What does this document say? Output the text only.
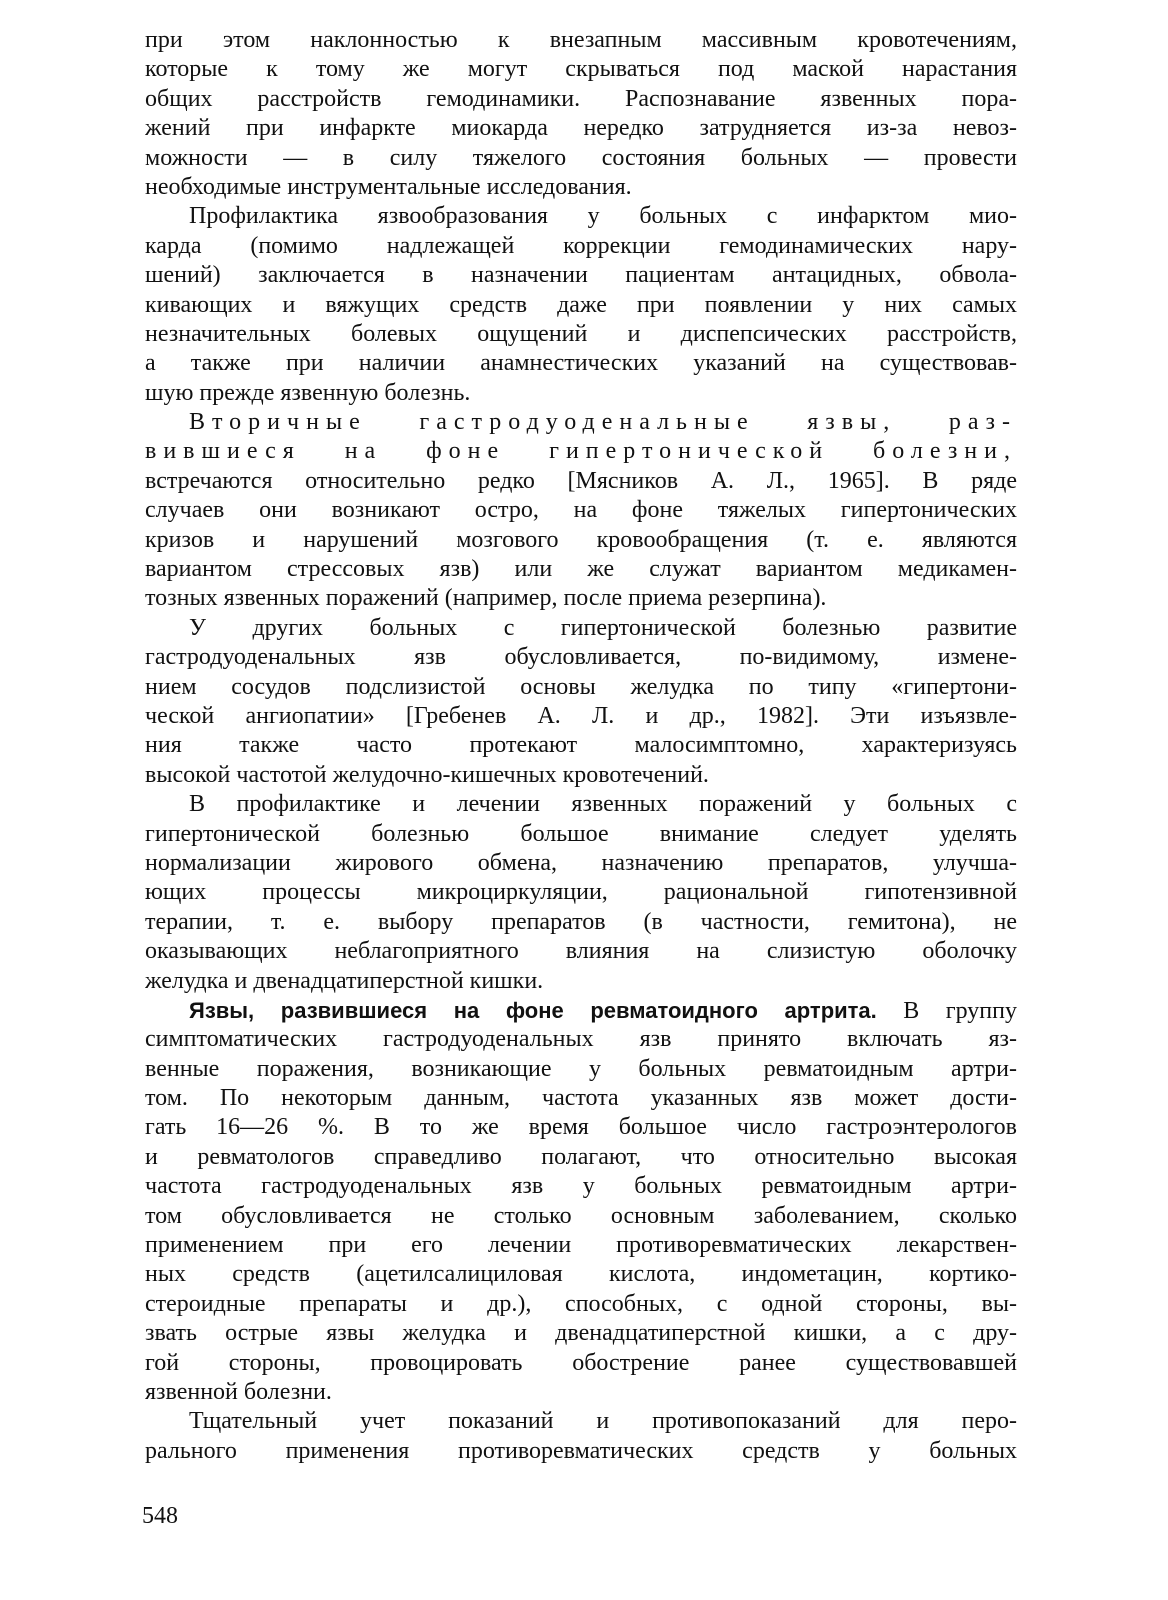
при этом наклонностью к внезапным массивным кровотечениям,
которые к тому же могут скрываться под маской нарастания
общих расстройств гемодинамики. Распознавание язвенных пора-
жений при инфаркте миокарда нередко затрудняется из-за невоз-
можности — в силу тяжелого состояния больных — провести
необходимые инструментальные исследования.
Профилактика язвообразования у больных с инфарктом мио-
карда (помимо надлежащей коррекции гемодинамических нару-
шений) заключается в назначении пациентам антацидных, обвола-
кивающих и вяжущих средств даже при появлении у них самых
незначительных болевых ощущений и диспепсических расстройств,
а также при наличии анамнестических указаний на существовав-
шую прежде язвенную болезнь.
Вторичные гастродуоденальные язвы, раз-
вившиеся на фоне гипертонической болезни,
встречаются относительно редко [Мясников А. Л., 1965]. В ряде
случаев они возникают остро, на фоне тяжелых гипертонических
кризов и нарушений мозгового кровообращения (т. е. являются
вариантом стрессовых язв) или же служат вариантом медикамен-
тозных язвенных поражений (например, после приема резерпина).
У других больных с гипертонической болезнью развитие
гастродуоденальных язв обусловливается, по-видимому, измене-
нием сосудов подслизистой основы желудка по типу «гипертони-
ческой ангиопатии» [Гребенев А. Л. и др., 1982]. Эти изъязвле-
ния также часто протекают малосимптомно, характеризуясь
высокой частотой желудочно-кишечных кровотечений.
В профилактике и лечении язвенных поражений у больных с
гипертонической болезнью большое внимание следует уделять
нормализации жирового обмена, назначению препаратов, улучша-
ющих процессы микроциркуляции, рациональной гипотензивной
терапии, т. е. выбору препаратов (в частности, гемитона), не
оказывающих неблагоприятного влияния на слизистую оболочку
желудка и двенадцатиперстной кишки.
Язвы, развившиеся на фоне ревматоидного артрита. В группу
симптоматических гастродуоденальных язв принято включать яз-
венные поражения, возникающие у больных ревматоидным артри-
том. По некоторым данным, частота указанных язв может дости-
гать 16—26 %. В то же время большое число гастроэнтерологов
и ревматологов справедливо полагают, что относительно высокая
частота гастродуоденальных язв у больных ревматоидным артри-
том обусловливается не столько основным заболеванием, сколько
применением при его лечении противоревматических лекарствен-
ных средств (ацетилсалициловая кислота, индометацин, кортико-
стероидные препараты и др.), способных, с одной стороны, вы-
звать острые язвы желудка и двенадцатиперстной кишки, а с дру-
гой стороны, провоцировать обострение ранее существовавшей
язвенной болезни.
Тщательный учет показаний и противопоказаний для перо-
рального применения противоревматических средств у больных
548
